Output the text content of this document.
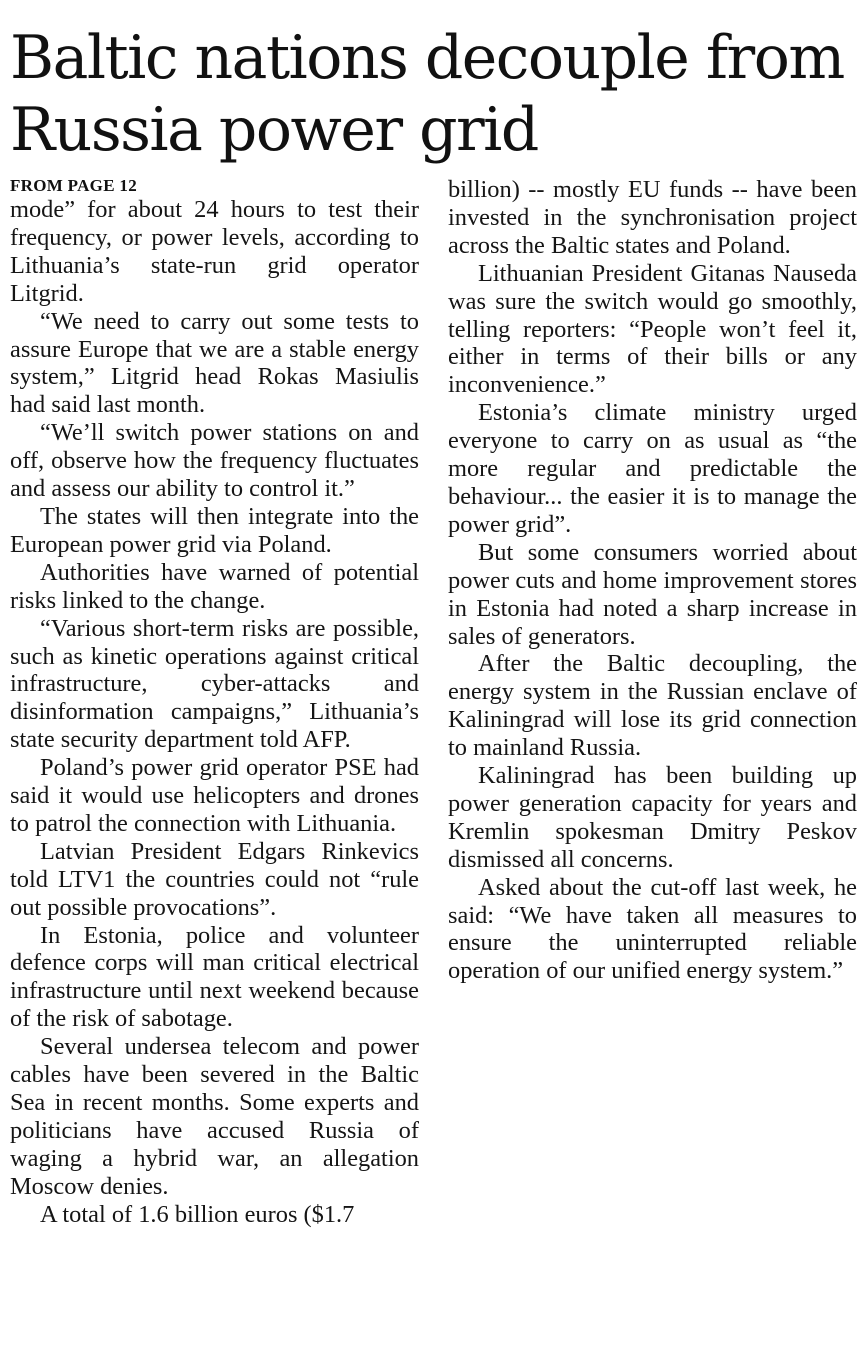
Baltic nations decouple from Russia power grid
FROM PAGE 12

mode” for about 24 hours to test their frequency, or power levels, according to Lithuania’s state-run grid operator Litgrid.

“We need to carry out some tests to assure Europe that we are a stable energy system,” Litgrid head Rokas Masiulis had said last month.

“We’ll switch power stations on and off, observe how the frequency fluctuates and assess our ability to control it.”

The states will then integrate into the European power grid via Poland.

Authorities have warned of potential risks linked to the change.

“Various short-term risks are possible, such as kinetic operations against critical infrastructure, cyber-attacks and disinformation campaigns,” Lithuania’s state security department told AFP.

Poland’s power grid operator PSE had said it would use helicopters and drones to patrol the connection with Lithuania.

Latvian President Edgars Rinkevics told LTV1 the countries could not “rule out possible provocations”.

In Estonia, police and volunteer defence corps will man critical electrical infrastructure until next weekend because of the risk of sabotage.

Several undersea telecom and power cables have been severed in the Baltic Sea in recent months. Some experts and politicians have accused Russia of waging a hybrid war, an allegation Moscow denies.

A total of 1.6 billion euros ($1.7

billion) -- mostly EU funds -- have been invested in the synchronisation project across the Baltic states and Poland.

Lithuanian President Gitanas Nauseda was sure the switch would go smoothly, telling reporters: “People won’t feel it, either in terms of their bills or any inconvenience.”

Estonia’s climate ministry urged everyone to carry on as usual as “the more regular and predictable the behaviour... the easier it is to manage the power grid”.

But some consumers worried about power cuts and home improvement stores in Estonia had noted a sharp increase in sales of generators.

After the Baltic decoupling, the energy system in the Russian enclave of Kaliningrad will lose its grid connection to mainland Russia.

Kaliningrad has been building up power generation capacity for years and Kremlin spokesman Dmitry Peskov dismissed all concerns.

Asked about the cut-off last week, he said: “We have taken all measures to ensure the uninterrupted reliable operation of our unified energy system.”
